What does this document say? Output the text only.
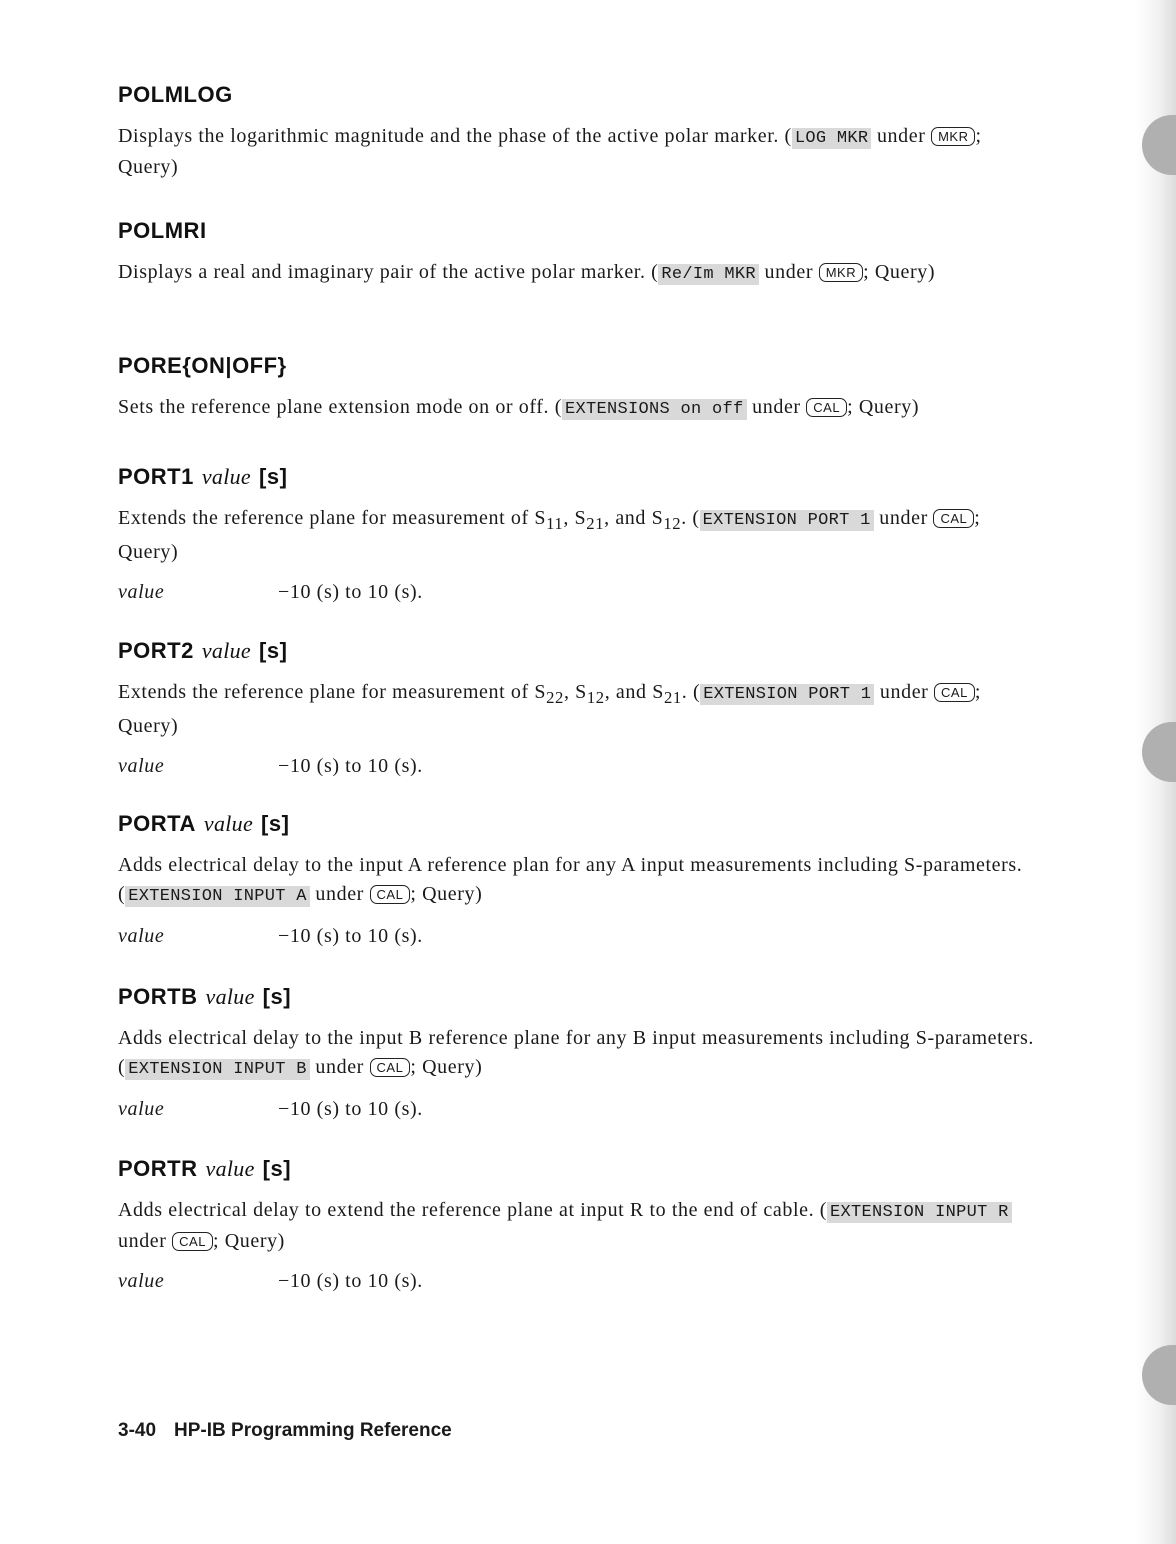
POLMLOG
Displays the logarithmic magnitude and the phase of the active polar marker. ( LOG MKR under MKR ; Query)
POLMRI
Displays a real and imaginary pair of the active polar marker. ( Re/Im MKR under MKR ; Query)
PORE{ON|OFF}
Sets the reference plane extension mode on or off. ( EXTENSIONS on off under CAL ; Query)
PORT1 value [s]
Extends the reference plane for measurement of $S_{11}$, $S_{21}$, and $S_{12}$. ( EXTENSION PORT 1 under CAL ; Query)
value	−10 (s) to 10 (s).
PORT2 value [s]
Extends the reference plane for measurement of $S_{22}$, $S_{12}$, and $S_{21}$. ( EXTENSION PORT 1 under CAL ; Query)
value	−10 (s) to 10 (s).
PORTA value [s]
Adds electrical delay to the input A reference plan for any A input measurements including S-parameters. ( EXTENSION INPUT A under CAL ; Query)
value	−10 (s) to 10 (s).
PORTB value [s]
Adds electrical delay to the input B reference plane for any B input measurements including S-parameters. ( EXTENSION INPUT B under CAL ; Query)
value	−10 (s) to 10 (s).
PORTR value [s]
Adds electrical delay to extend the reference plane at input R to the end of cable. ( EXTENSION INPUT R under CAL ; Query)
value	−10 (s) to 10 (s).
3-40 HP-IB Programming Reference
